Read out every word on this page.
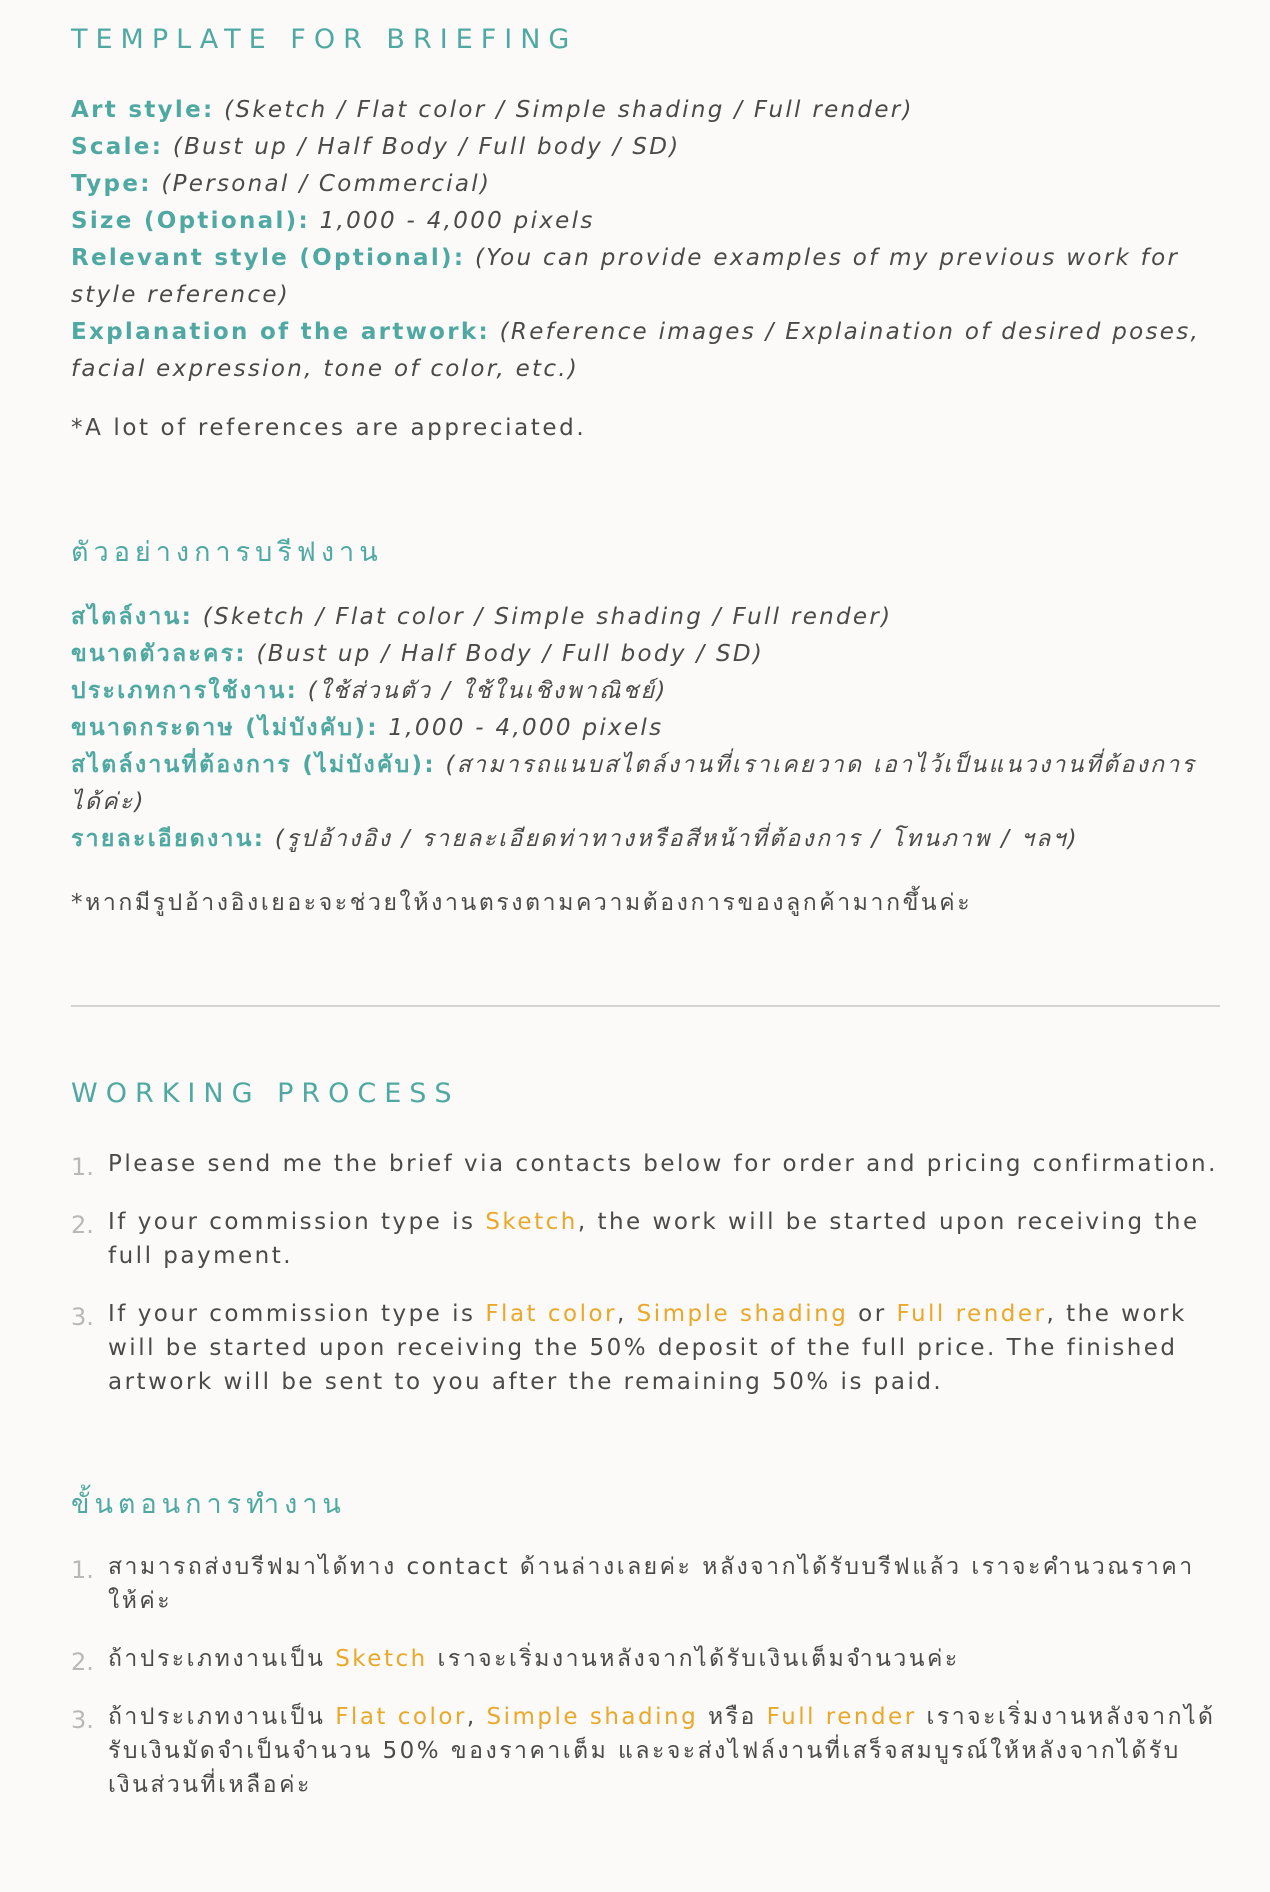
TEMPLATE FOR BRIEFING

Art style: (Sketch / Flat color / Simple shading / Full render)

Scale: (Bust up / Half Body / Full body / SD)

Type: (Personal / Commercial)

Size (Optional): 1,000 - 4,000 pixels

Relevant style (Optional): (You can provide examples of my previous work for style reference)

Explanation of the artwork: (Reference images / Explaination of desired poses, facial expression, tone of color, etc.)

*A lot of references are appreciated.

ตัวอย่างการบรีฟงาน

สไตล์งาน: (Sketch / Flat color / Simple shading / Full render)

ขนาดตัวละคร: (Bust up / Half Body / Full body / SD)

ประเภทการใช้งาน: (ใช้ส่วนตัว / ใช้ในเชิงพาณิชย์)

ขนาดกระดาษ (ไม่บังคับ): 1,000 - 4,000 pixels

สไตล์งานที่ต้องการ (ไม่บังคับ): (สามารถแนบสไตล์งานที่เราเคยวาด เอาไว้เป็นแนวงานที่ต้องการได้ค่ะ)

รายละเอียดงาน: (รูปอ้างอิง / รายละเอียดท่าทางหรือสีหน้าที่ต้องการ / โทนภาพ / ฯลฯ)

*หากมีรูปอ้างอิงเยอะจะช่วยให้งานตรงตามความต้องการของลูกค้ามากขึ้นค่ะ

WORKING PROCESS
1. Please send me the brief via contacts below for order and pricing confirmation.
2. If your commission type is Sketch, the work will be started upon receiving the full payment.
3. If your commission type is Flat color, Simple shading or Full render, the work will be started upon receiving the 50% deposit of the full price. The finished artwork will be sent to you after the remaining 50% is paid.
ขั้นตอนการทำงาน
1. สามารถส่งบรีฟมาได้ทาง contact ด้านล่างเลยค่ะ หลังจากได้รับบรีฟแล้ว เราจะคำนวณราคาให้ค่ะ
2. ถ้าประเภทงานเป็น Sketch เราจะเริ่มงานหลังจากได้รับเงินเต็มจำนวนค่ะ
3. ถ้าประเภทงานเป็น Flat color, Simple shading หรือ Full render เราจะเริ่มงานหลังจากได้รับเงินมัดจำเป็นจำนวน 50% ของราคาเต็ม และจะส่งไฟล์งานที่เสร็จสมบูรณ์ให้หลังจากได้รับเงินส่วนที่เหลือค่ะ
